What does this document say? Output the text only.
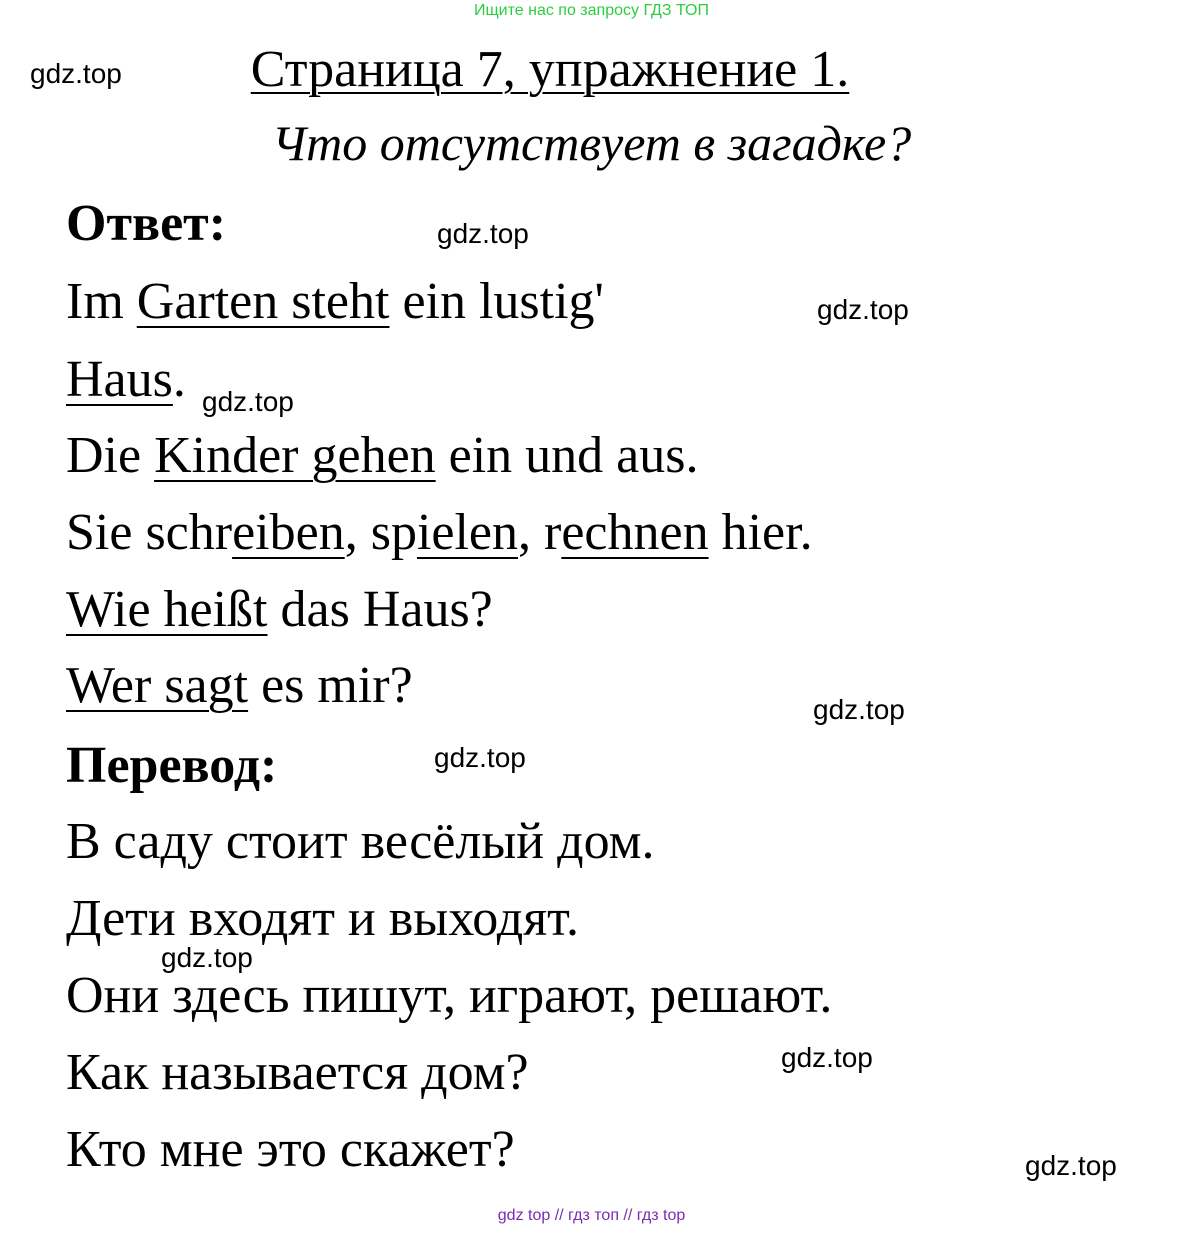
Ищите нас по запросу ГДЗ ТОП
Страница 7, упражнение 1.
Что отсутствует в загадке?
Ответ:
Im Garten steht ein lustig'
Haus.
Die Kinder gehen ein und aus.
Sie schreiben, spielen, rechnen hier.
Wie heißt das Haus?
Wer sagt es mir?
Перевод:
В саду стоит весёлый дом.
Дети входят и выходят.
Они здесь пишут, играют, решают.
Как называется дом?
Кто мне это скажет?
gdz.top
gdz.top
gdz.top
gdz.top
gdz.top
gdz.top
gdz.top
gdz.top
gdz.top
gdz top // гдз топ // гдз top
